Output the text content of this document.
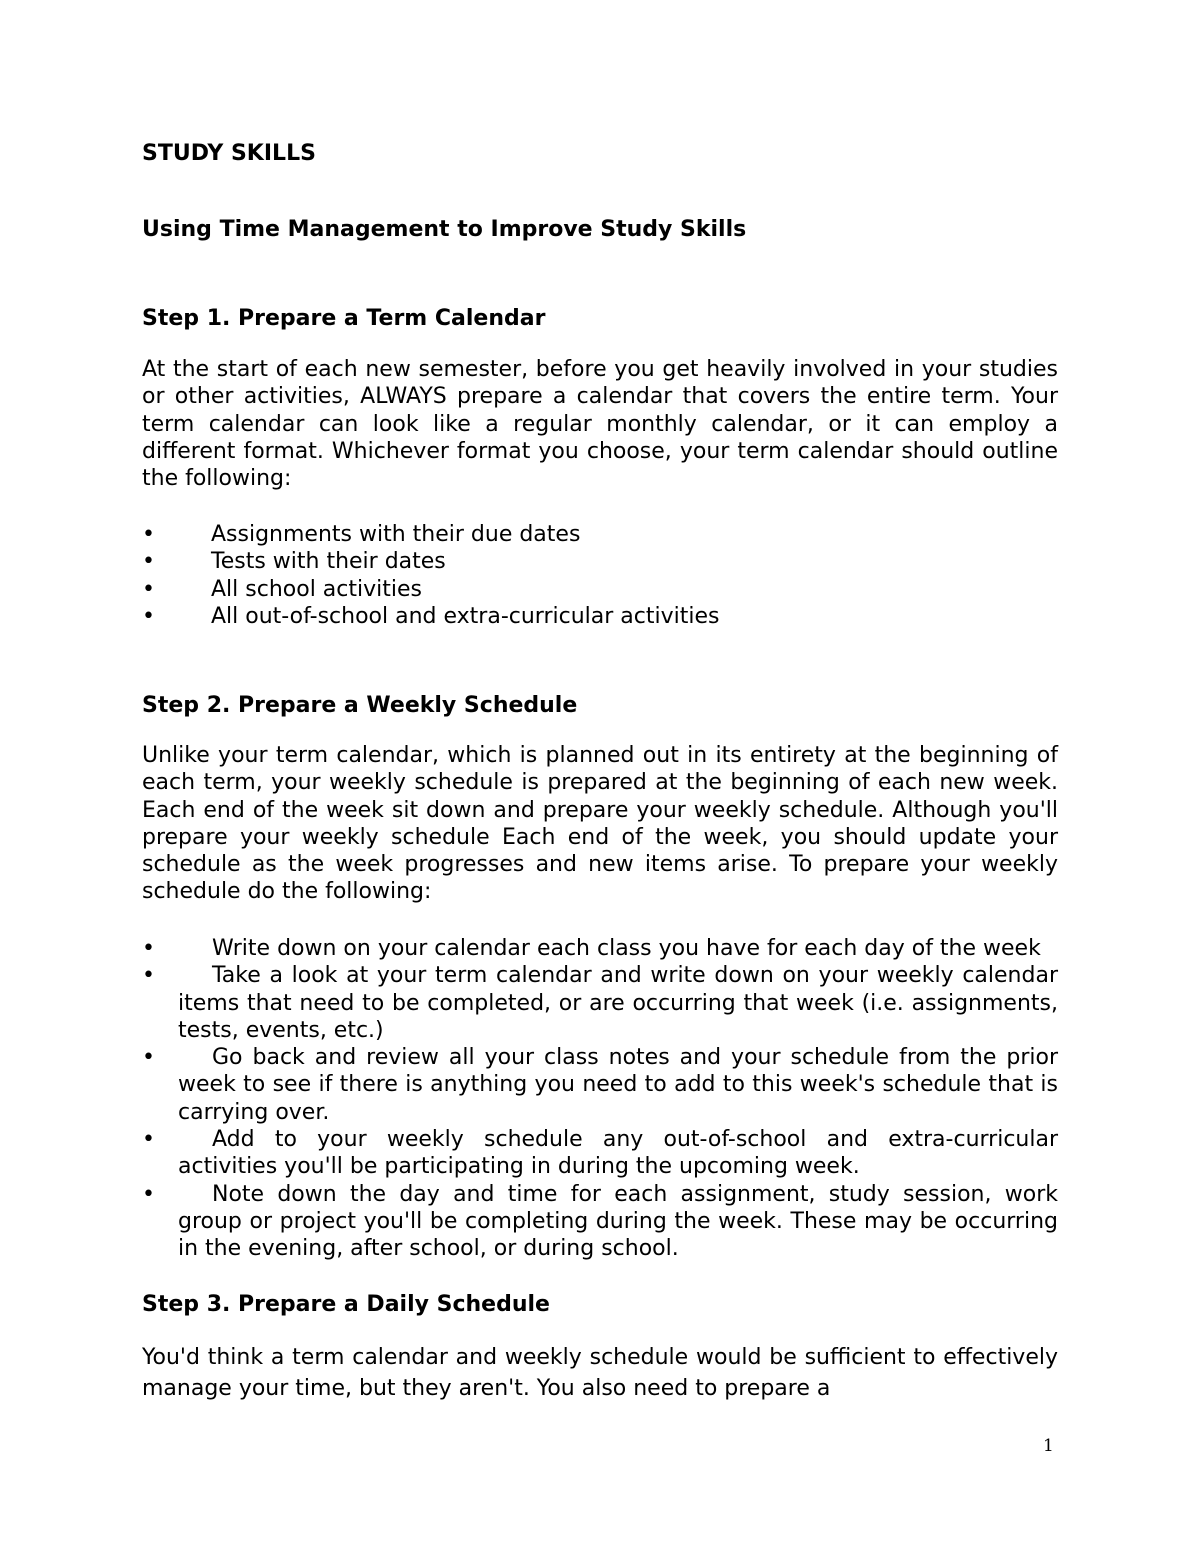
STUDY SKILLS
Using Time Management to Improve Study Skills
Step 1. Prepare a Term Calendar

At the start of each new semester, before you get heavily involved in your studies or other activities, ALWAYS prepare a calendar that covers the entire term. Your term calendar can look like a regular monthly calendar, or it can employ a different format. Whichever format you choose, your term calendar should outline the following:

•	Assignments with their due dates
•	Tests with their dates
•	All school activities
•	All out-of-school and extra-curricular activities
Step 2. Prepare a Weekly Schedule

Unlike your term calendar, which is planned out in its entirety at the beginning of each term, your weekly schedule is prepared at the beginning of each new week. Each end of the week sit down and prepare your weekly schedule. Although you'll prepare your weekly schedule Each end of the week, you should update your schedule as the week progresses and new items arise. To prepare your weekly schedule do the following:

•	Write down on your calendar each class you have for each day of the week
•	Take a look at your term calendar and write down on your weekly calendar items that need to be completed, or are occurring that week (i.e. assignments, tests, events, etc.)
•	Go back and review all your class notes and your schedule from the prior week to see if there is anything you need to add to this week's schedule that is carrying over.
•	Add to your weekly schedule any out-of-school and extra-curricular activities you'll be participating in during the upcoming week.
•	Note down the day and time for each assignment, study session, work group or project you'll be completing during the week. These may be occurring in the evening, after school, or during school.
Step 3. Prepare a Daily Schedule

You'd think a term calendar and weekly schedule would be sufficient to effectively manage your time, but they aren't. You also need to prepare a

1
